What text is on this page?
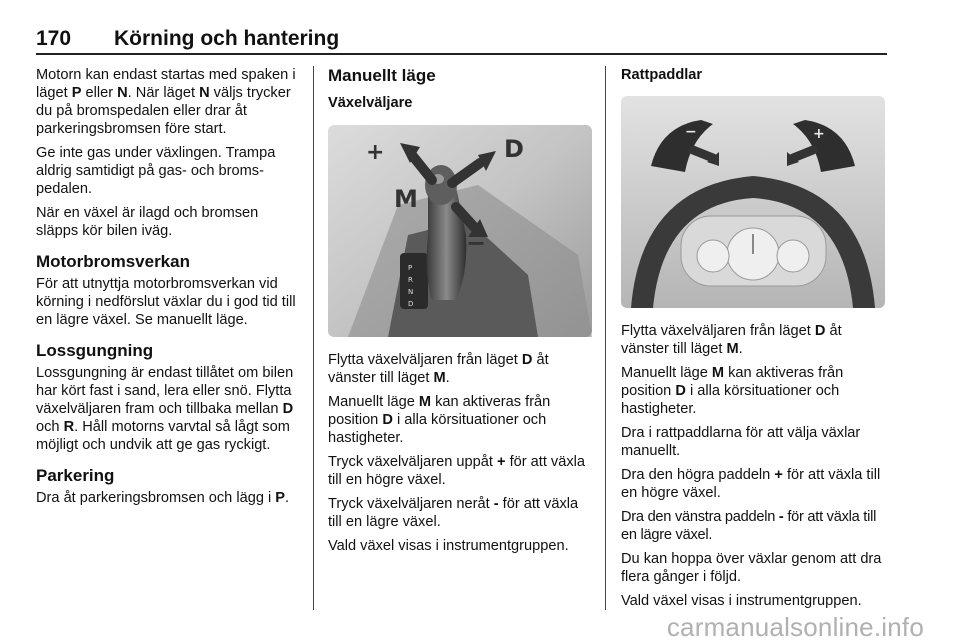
170 Körning och hantering

Motorn kan endast startas med spaken i läget P eller N. När läget N väljs trycker du på bromspedalen eller drar åt parkeringsbromsen före start.

Ge inte gas under växlingen. Trampa aldrig samtidigt på gas- och bromspedalen.

När en växel är ilagd och bromsen släpps kör bilen iväg.

Motorbromsverkan

För att utnyttja motorbromsverkan vid körning i nedförslut växlar du i god tid till en lägre växel. Se manuellt läge.

Lossgungning

Lossgungning är endast tillåtet om bilen har kört fast i sand, lera eller snö. Flytta växelväljaren fram och tillbaka mellan D och R. Håll motorns varvtal så lågt som möjligt och undvik att ge gas ryckigt.

Parkering

Dra åt parkeringsbromsen och lägg i P.

Manuellt läge
Växelväljare
P
R
N
D
+
−
M
D

Flytta växelväljaren från läget D åt vänster till läget M.

Manuellt läge M kan aktiveras från position D i alla körsituationer och hastigheter.

Tryck växelväljaren uppåt + för att växla till en högre växel.

Tryck växelväljaren neråt - för att växla till en lägre växel.

Vald växel visas i instrumentgruppen.

Rattpaddlar
−	+

Flytta växelväljaren från läget D åt vänster till läget M.

Manuellt läge M kan aktiveras från position D i alla körsituationer och hastigheter.

Dra i rattpaddlarna för att välja växlar manuellt.

Dra den högra paddeln + för att växla till en högre växel.

Dra den vänstra paddeln - för att växla till en lägre växel.

Du kan hoppa över växlar genom att dra flera gånger i följd.

Vald växel visas i instrumentgruppen.

carmanualsonline.info
